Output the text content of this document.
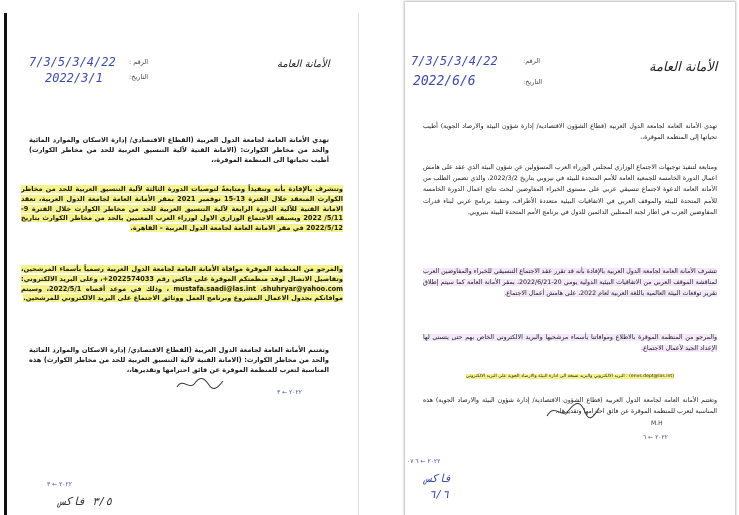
7/3/5/3/4/22 الرقم :
2022/3/1	التاريخ:
الأمانة العامة
تهدي الأمانة العامة لجامعة الدول العربية (القطاع الاقتصادي/ إدارة الاسكان والموارد المائية والحد من مخاطر الكوارث: (الامانة الفنية لآلية التنسيق العربية للحد من مخاطر الكوارث) أطيب تحياتها الى المنظمة الموقرة،،
وتتشرف بالإفادة بأنه وتنفيذاً ومتابعةً لتوصيات الدورة الثالثة لآلية التنسيق العربية للحد من مخاطر الكوارث المنعقد خلال الفترة 13-15 نوفمبر 2021 بمقر الأمانة العامة لجامعة الدول العربية، تعقد الامانة الفنية للآلية الدورة الرابعة لآلية التنسيق العربية للحد من مخاطر الكوارث خلال الفترة 9-5/11/ 2022 ويسبقه الاجتماع الوزاري الاول لوزراء العرب المعنيين بالحد من مخاطر الكوارث بتاريخ 2022/5/12 في مقر الامانة العامة لجامعة الدول العربية – القاهرة.
والمرجو من المنظمة الموقرة موافاة الأمانة العامة لجامعة الدول العربية رسمياً بأسماء المرشحين، وتفاصيل الاتصال لوفد منظمتكم الموقرة على فاكس رقم 2022574033+، وعلى البريد الالكتروني: mustafa.saadi@las.int ،shuhryar@yahoo.com ، وذلك في موعد أقصاه 2022/5/1، وسيتم موافاتكم بجدول الاعمال المشروع وبرنامج العمل ووثائق الاجتماع على البريد الالكتروني للمرشحين.
وتغتنم الأمانة العامة لجامعة الدول العربية (القطاع الاقتصادي/ إدارة الاسكان والموارد المائية والحد من مخاطر الكوارث: (الامانة الفنية لآلية التنسيق العربية للحد من مخاطر الكوارث) هذه المناسبة لتعرب للمنظمة الموقرة عن فائق احترامها وتقديرها،،
٢٠٢٢ ← ٣
٢٠٢٢ ← ٣
٣/٥ فاكس
7/3/5/3/4/22	الرقم:
2022/6/6	التاريخ:
الأمانة العامة
تهدي الأمانة العامة لجامعة الدول العربية (قطاع الشؤون الاقتصادية/ إدارة شؤون البيئة والارصاد الجوية) أطيب تحياتها إلى المنظمة الموقرة،،
ومتابعة لتنفيذ توجيهات الاجتماع الوزاري لمجلس الوزراء العرب المسؤولين عن شؤون البيئة الذي عقد على هامش اعمال الدورة الخامسة للجمعية العامة للأمم المتحدة للبيئة في نيروبي بتاريخ 2022/3/2، والذي تضمن الطلب من الأمانة العامة الدعوة لاجتماع تنسيقي عربي على مستوى الخبراء المفاوضين لبحث نتائج اعمال الدورة الخامسة للأمم المتحدة للبيئة والموقف العربي في الاتفاقيات البيئية متعددة الأطراف، وتنفيذ برنامج عربي لبناء قدرات المفاوضين العرب في اطار لجنة الممثلين الدائمين للدول في برنامج الأمم المتحدة للبيئة بنيروبي.
تتشرف الأمانة العامة لجامعة الدول العربية بالإفادة بأنه قد تقرر عقد الاجتماع التنسيقي للخبراء والمفاوضين العرب لمناقشة الموقف العربي من الاتفاقيات البيئية الدولية يومي 20-2022/6/21، بمقر الأمانة العامة كما سيتم إطلاق تقرير توقعات البيئة العالمية باللغة العربية لعام 2022، على هامش أعمال الاجتماع.
والمرجو من المنظمة الموقرة بالاطلاع وموافاتنا بأسماء مرشحيها والبريد الالكتروني الخاص بهم حتى يتسنى لها الإعداد الجيد لأعمال الاجتماع.
(envs.dept@las.int) : البريد الالكتروني والبريد نسخة الى ادارة البيئة والارصاد الجوية على البريد الالكتروني
وتغتنم الأمانة العامة لجامعة الدول العربية (قطاع الشؤون الاقتصادية/ إدارة شؤون البيئة والارصاد الجوية) هذه المناسبة لتعرب للمنظمة الموقرة عن فائق احترامها وتقديرها،،
M.H
٢٠٢٢ ← ٦
٢٠٢٢ ← ٦ ٠٧
فاكس
٦/٦
